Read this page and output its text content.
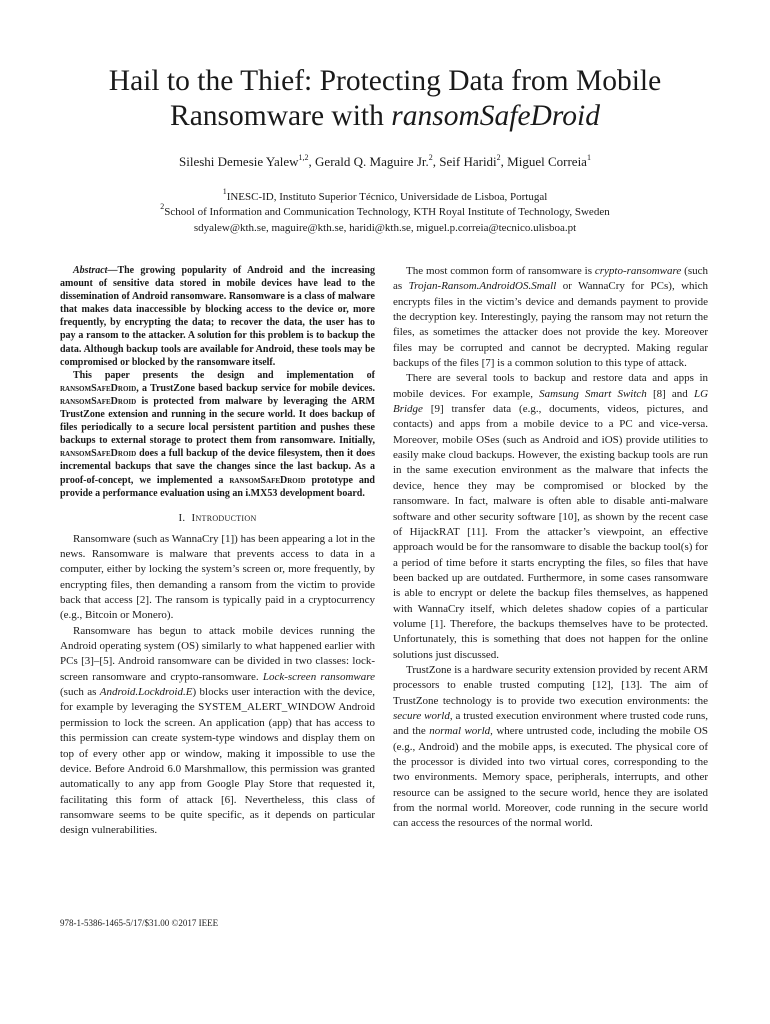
Hail to the Thief: Protecting Data from Mobile
Ransomware with ransomSafeDroid
Sileshi Demesie Yalew$^{1,2}$, Gerald Q. Maguire Jr.$^2$, Seif Haridi$^2$, Miguel Correia$^1$
$^1$INESC-ID, Instituto Superior Técnico, Universidade de Lisboa, Portugal
$^2$School of Information and Communication Technology, KTH Royal Institute of Technology, Sweden
sdyalew@kth.se, maguire@kth.se, haridi@kth.se, miguel.p.correia@tecnico.ulisboa.pt

Abstract—The growing popularity of Android and the increasing amount of sensitive data stored in mobile devices have lead to the dissemination of Android ransomware. Ransomware is a class of malware that makes data inaccessible by blocking access to the device or, more frequently, by encrypting the data; to recover the data, the user has to pay a ransom to the attacker. A solution for this problem is to backup the data. Although backup tools are available for Android, these tools may be compromised or blocked by the ransomware itself.

This paper presents the design and implementation of ransomSafeDroid, a TrustZone based backup service for mobile devices. ransomSafeDroid is protected from malware by leveraging the ARM TrustZone extension and running in the secure world. It does backup of files periodically to a secure local persistent partition and pushes these backups to external storage to protect them from ransomware. Initially, ransomSafeDroid does a full backup of the device filesystem, then it does incremental backups that save the changes since the last backup. As a proof-of-concept, we implemented a ransomSafeDroid prototype and provide a performance evaluation using an i.MX53 development board.

I. Introduction

Ransomware (such as WannaCry [1]) has been appearing a lot in the news. Ransomware is malware that prevents access to data in a computer, either by locking the system’s screen or, more frequently, by encrypting files, then demanding a ransom from the victim to provide back that access [2]. The ransom is typically paid in a cryptocurrency (e.g., Bitcoin or Monero).

Ransomware has begun to attack mobile devices running the Android operating system (OS) similarly to what happened earlier with PCs [3]–[5]. Android ransomware can be divided in two classes: lock-screen ransomware and crypto-ransomware. Lock-screen ransomware (such as Android.Lockdroid.E) blocks user interaction with the device, for example by leveraging the SYSTEM_ALERT_WINDOW Android permission to lock the screen. An application (app) that has access to this permission can create system-type windows and display them on top of every other app or window, making it impossible to use the device. Before Android 6.0 Marshmallow, this permission was granted automatically to any app from Google Play Store that requested it, facilitating this form of attack [6]. Nevertheless, this class of ransomware seems to be quite specific, as it depends on particular design vulnerabilities.

The most common form of ransomware is crypto-ransomware (such as Trojan-Ransom.AndroidOS.Small or WannaCry for PCs), which encrypts files in the victim’s device and demands payment to provide the decryption key. Interestingly, paying the ransom may not return the files, as sometimes the attacker does not provide the key. Moreover files may be corrupted and cannot be decrypted. Making regular backups of the files [7] is a common solution to this type of attack.

There are several tools to backup and restore data and apps in mobile devices. For example, Samsung Smart Switch [8] and LG Bridge [9] transfer data (e.g., documents, videos, pictures, and contacts) and apps from a mobile device to a PC and vice-versa. Moreover, mobile OSes (such as Android and iOS) provide utilities to easily make cloud backups. However, the existing backup tools are run in the same execution environment as the malware that infects the device, hence they may be compromised or blocked by the ransomware. In fact, malware is often able to disable anti-malware software and other security software [10], as shown by the recent case of HijackRAT [11]. From the attacker’s viewpoint, an effective approach would be for the ransomware to disable the backup tool(s) for a period of time before it starts encrypting the files, so files that have been backed up are outdated. Furthermore, in some cases ransomware is able to encrypt or delete the backup files themselves, as happened with WannaCry itself, which deletes shadow copies of a particular volume [1]. Therefore, the backups themselves have to be protected. Unfortunately, this is something that does not happen for the online solutions just discussed.

TrustZone is a hardware security extension provided by recent ARM processors to enable trusted computing [12], [13]. The aim of TrustZone technology is to provide two execution environments: the secure world, a trusted execution environment where trusted code runs, and the normal world, where untrusted code, including the mobile OS (e.g., Android) and the mobile apps, is executed. The physical core of the processor is divided into two virtual cores, corresponding to the two environments. Memory space, peripherals, interrupts, and other resource can be assigned to the secure world, hence they are isolated from the normal world. Moreover, code running in the secure world can access the resources of the normal world.

978-1-5386-1465-5/17/$31.00 ©2017 IEEE
